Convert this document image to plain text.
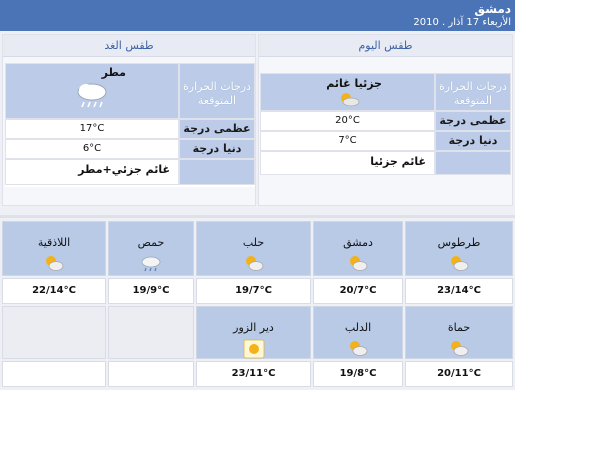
دمشق
الأربعاء 17 آذار . 2010
طقس اليوم
درجات الحرارة المتوقعة
جزئيا غائم
عظمى درجة
20°C
دنيا درجة
7°C
غائم جزئيا
طقس الغد
درجات الحرارة المتوقعة
مطر
عظمى درجة
17°C
دنيا درجة
6°C
غائم جزئي+مطر
طرطوس
دمشق
حلب
حمص
اللاذقية
23/14°C
20/7°C
19/7°C
19/9°C
22/14°C
حماة
الدلب
دير الزور
20/11°C
19/8°C
23/11°C
